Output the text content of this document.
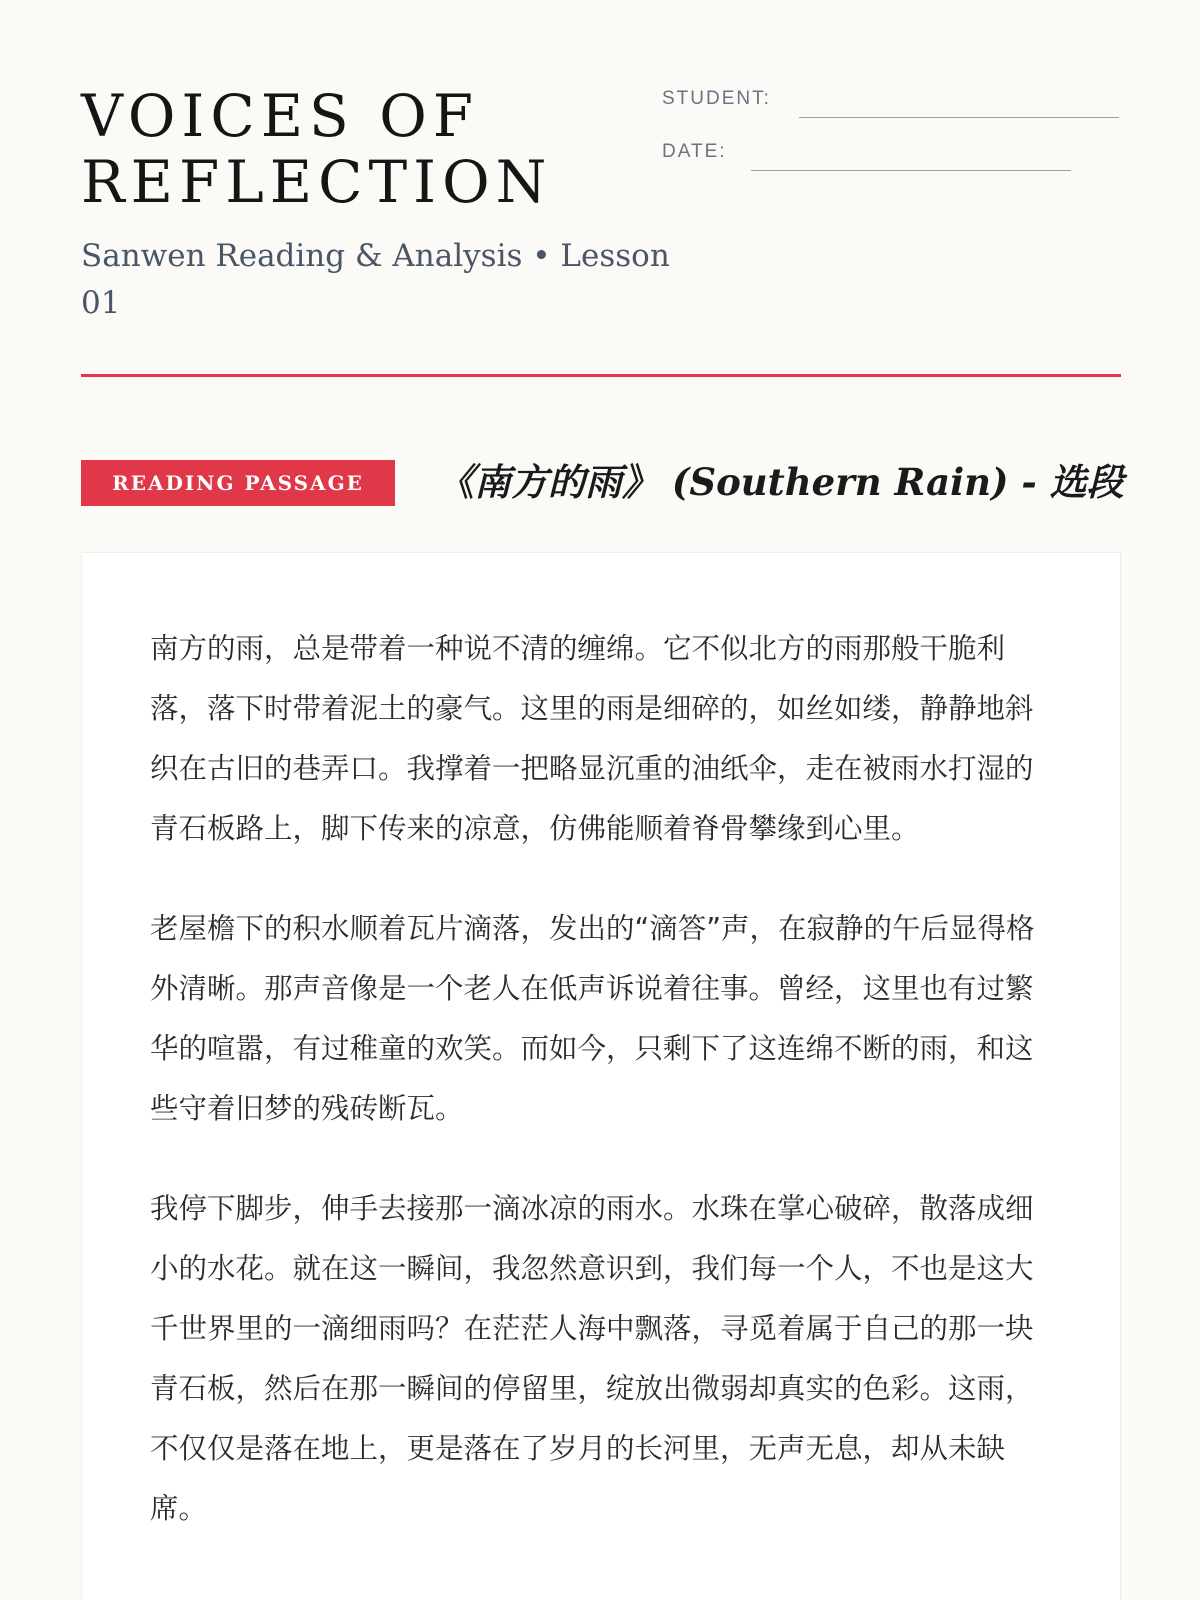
VOICES OF REFLECTION
Sanwen Reading & Analysis • Lesson 01
STUDENT:
DATE:
READING PASSAGE	《南方的雨》 (Southern Rain) - 选段

南方的雨，总是带着一种说不清的缠绵。它不似北方的雨那般干脆利落，落下时带着泥土的豪气。这里的雨是细碎的，如丝如缕，静静地斜织在古旧的巷弄口。我撑着一把略显沉重的油纸伞，走在被雨水打湿的青石板路上，脚下传来的凉意，仿佛能顺着脊骨攀缘到心里。

老屋檐下的积水顺着瓦片滴落，发出的“滴答”声，在寂静的午后显得格外清晰。那声音像是一个老人在低声诉说着往事。曾经，这里也有过繁华的喧嚣，有过稚童的欢笑。而如今，只剩下了这连绵不断的雨，和这些守着旧梦的残砖断瓦。

我停下脚步，伸手去接那一滴冰凉的雨水。水珠在掌心破碎，散落成细小的水花。就在这一瞬间，我忽然意识到，我们每一个人，不也是这大千世界里的一滴细雨吗？在茫茫人海中飘落，寻觅着属于自己的那一块青石板，然后在那一瞬间的停留里，绽放出微弱却真实的色彩。这雨，不仅仅是落在地上，更是落在了岁月的长河里，无声无息，却从未缺席。
